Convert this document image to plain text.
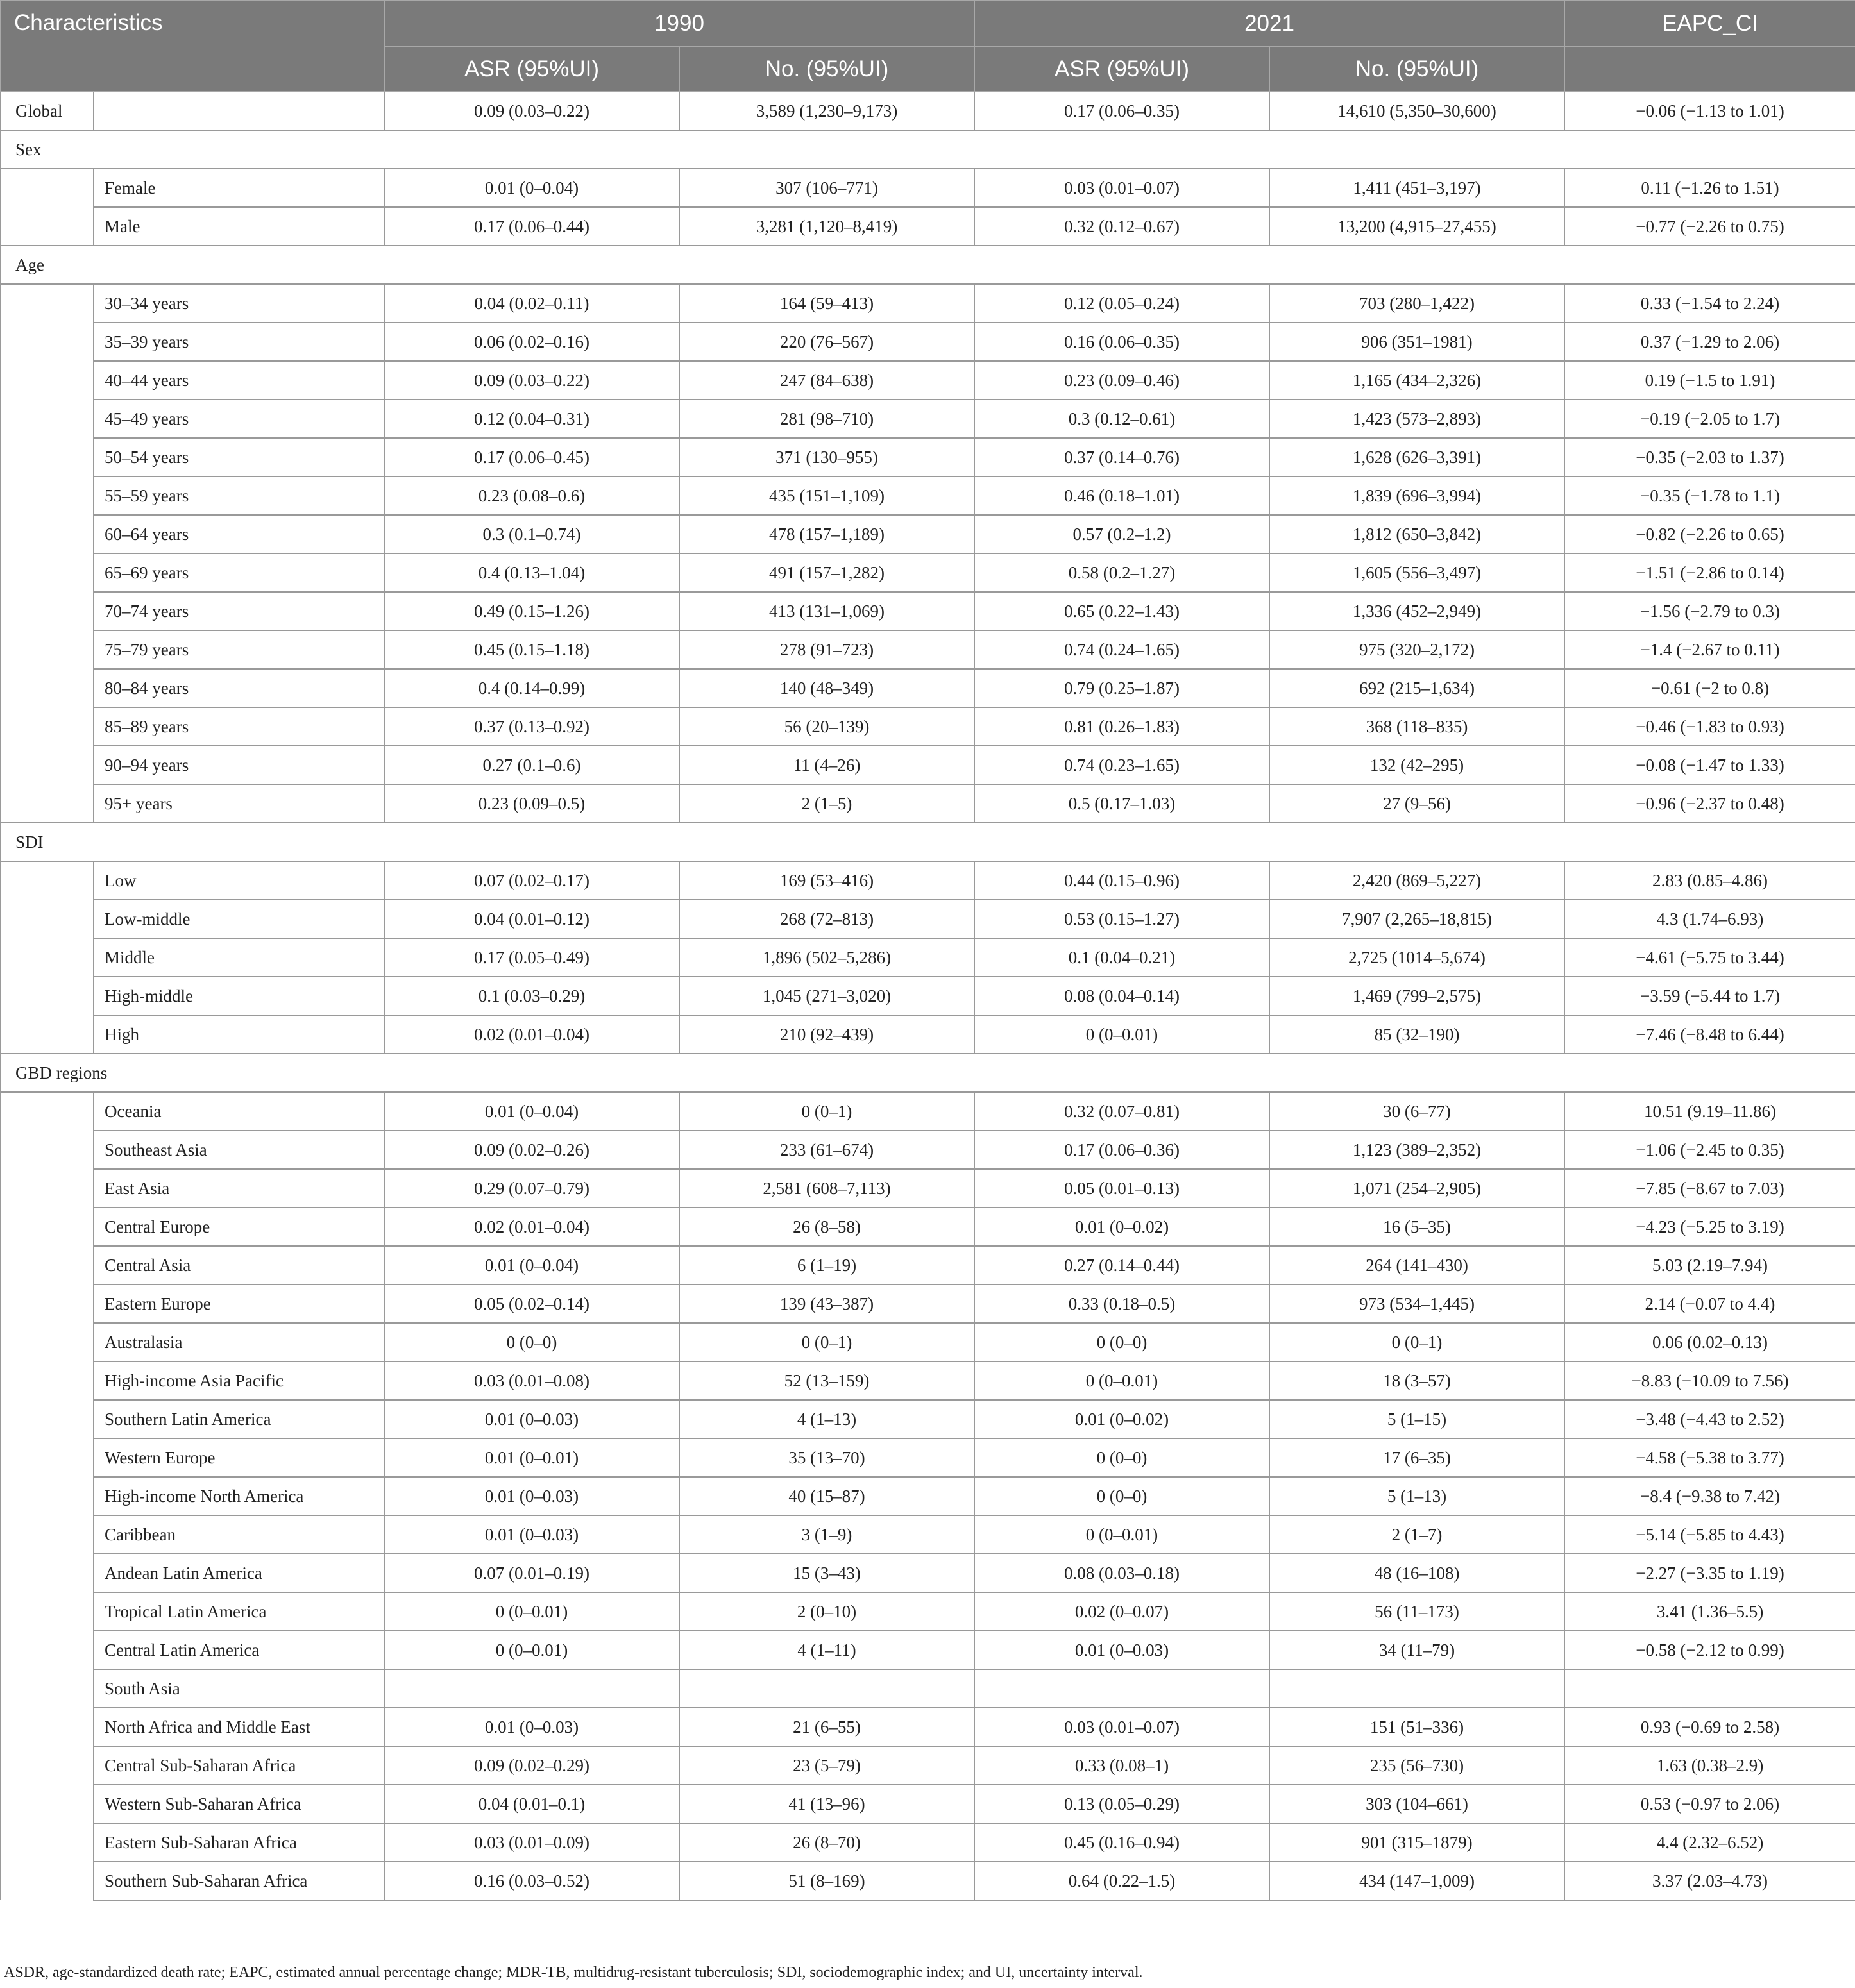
Characteristics		1990		2021		EAPC_CI
		ASR (95%UI)	No. (95%UI)	ASR (95%UI)	No. (95%UI)	
Global		0.09 (0.03–0.22)	3,589 (1,230–9,173)	0.17 (0.06–0.35)	14,610 (5,350–30,600)	−0.06 (−1.13 to 1.01)
Sex						
	Female	0.01 (0–0.04)	307 (106–771)	0.03 (0.01–0.07)	1,411 (451–3,197)	0.11 (−1.26 to 1.51)
	Male	0.17 (0.06–0.44)	3,281 (1,120–8,419)	0.32 (0.12–0.67)	13,200 (4,915–27,455)	−0.77 (−2.26 to 0.75)
Age						
	30–34 years	0.04 (0.02–0.11)	164 (59–413)	0.12 (0.05–0.24)	703 (280–1,422)	0.33 (−1.54 to 2.24)
	35–39 years	0.06 (0.02–0.16)	220 (76–567)	0.16 (0.06–0.35)	906 (351–1981)	0.37 (−1.29 to 2.06)
	40–44 years	0.09 (0.03–0.22)	247 (84–638)	0.23 (0.09–0.46)	1,165 (434–2,326)	0.19 (−1.5 to 1.91)
	45–49 years	0.12 (0.04–0.31)	281 (98–710)	0.3 (0.12–0.61)	1,423 (573–2,893)	−0.19 (−2.05 to 1.7)
	50–54 years	0.17 (0.06–0.45)	371 (130–955)	0.37 (0.14–0.76)	1,628 (626–3,391)	−0.35 (−2.03 to 1.37)
	55–59 years	0.23 (0.08–0.6)	435 (151–1,109)	0.46 (0.18–1.01)	1,839 (696–3,994)	−0.35 (−1.78 to 1.1)
	60–64 years	0.3 (0.1–0.74)	478 (157–1,189)	0.57 (0.2–1.2)	1,812 (650–3,842)	−0.82 (−2.26 to 0.65)
	65–69 years	0.4 (0.13–1.04)	491 (157–1,282)	0.58 (0.2–1.27)	1,605 (556–3,497)	−1.51 (−2.86 to 0.14)
	70–74 years	0.49 (0.15–1.26)	413 (131–1,069)	0.65 (0.22–1.43)	1,336 (452–2,949)	−1.56 (−2.79 to 0.3)
	75–79 years	0.45 (0.15–1.18)	278 (91–723)	0.74 (0.24–1.65)	975 (320–2,172)	−1.4 (−2.67 to 0.11)
	80–84 years	0.4 (0.14–0.99)	140 (48–349)	0.79 (0.25–1.87)	692 (215–1,634)	−0.61 (−2 to 0.8)
	85–89 years	0.37 (0.13–0.92)	56 (20–139)	0.81 (0.26–1.83)	368 (118–835)	−0.46 (−1.83 to 0.93)
	90–94 years	0.27 (0.1–0.6)	11 (4–26)	0.74 (0.23–1.65)	132 (42–295)	−0.08 (−1.47 to 1.33)
	95+ years	0.23 (0.09–0.5)	2 (1–5)	0.5 (0.17–1.03)	27 (9–56)	−0.96 (−2.37 to 0.48)
SDI						
	Low	0.07 (0.02–0.17)	169 (53–416)	0.44 (0.15–0.96)	2,420 (869–5,227)	2.83 (0.85–4.86)
	Low-middle	0.04 (0.01–0.12)	268 (72–813)	0.53 (0.15–1.27)	7,907 (2,265–18,815)	4.3 (1.74–6.93)
	Middle	0.17 (0.05–0.49)	1,896 (502–5,286)	0.1 (0.04–0.21)	2,725 (1014–5,674)	−4.61 (−5.75 to 3.44)
	High-middle	0.1 (0.03–0.29)	1,045 (271–3,020)	0.08 (0.04–0.14)	1,469 (799–2,575)	−3.59 (−5.44 to 1.7)
	High	0.02 (0.01–0.04)	210 (92–439)	0 (0–0.01)	85 (32–190)	−7.46 (−8.48 to 6.44)
GBD regions						
	Oceania	0.01 (0–0.04)	0 (0–1)	0.32 (0.07–0.81)	30 (6–77)	10.51 (9.19–11.86)
	Southeast Asia	0.09 (0.02–0.26)	233 (61–674)	0.17 (0.06–0.36)	1,123 (389–2,352)	−1.06 (−2.45 to 0.35)
	East Asia	0.29 (0.07–0.79)	2,581 (608–7,113)	0.05 (0.01–0.13)	1,071 (254–2,905)	−7.85 (−8.67 to 7.03)
	Central Europe	0.02 (0.01–0.04)	26 (8–58)	0.01 (0–0.02)	16 (5–35)	−4.23 (−5.25 to 3.19)
	Central Asia	0.01 (0–0.04)	6 (1–19)	0.27 (0.14–0.44)	264 (141–430)	5.03 (2.19–7.94)
	Eastern Europe	0.05 (0.02–0.14)	139 (43–387)	0.33 (0.18–0.5)	973 (534–1,445)	2.14 (−0.07 to 4.4)
	Australasia	0 (0–0)	0 (0–1)	0 (0–0)	0 (0–1)	0.06 (0.02–0.13)
	High-income Asia Pacific	0.03 (0.01–0.08)	52 (13–159)	0 (0–0.01)	18 (3–57)	−8.83 (−10.09 to 7.56)
	Southern Latin America	0.01 (0–0.03)	4 (1–13)	0.01 (0–0.02)	5 (1–15)	−3.48 (−4.43 to 2.52)
	Western Europe	0.01 (0–0.01)	35 (13–70)	0 (0–0)	17 (6–35)	−4.58 (−5.38 to 3.77)
	High-income North America	0.01 (0–0.03)	40 (15–87)	0 (0–0)	5 (1–13)	−8.4 (−9.38 to 7.42)
	Caribbean	0.01 (0–0.03)	3 (1–9)	0 (0–0.01)	2 (1–7)	−5.14 (−5.85 to 4.43)
	Andean Latin America	0.07 (0.01–0.19)	15 (3–43)	0.08 (0.03–0.18)	48 (16–108)	−2.27 (−3.35 to 1.19)
	Tropical Latin America	0 (0–0.01)	2 (0–10)	0.02 (0–0.07)	56 (11–173)	3.41 (1.36–5.5)
	Central Latin America	0 (0–0.01)	4 (1–11)	0.01 (0–0.03)	34 (11–79)	−0.58 (−2.12 to 0.99)
	South Asia					
	North Africa and Middle East	0.01 (0–0.03)	21 (6–55)	0.03 (0.01–0.07)	151 (51–336)	0.93 (−0.69 to 2.58)
	Central Sub-Saharan Africa	0.09 (0.02–0.29)	23 (5–79)	0.33 (0.08–1)	235 (56–730)	1.63 (0.38–2.9)
	Western Sub-Saharan Africa	0.04 (0.01–0.1)	41 (13–96)	0.13 (0.05–0.29)	303 (104–661)	0.53 (−0.97 to 2.06)
	Eastern Sub-Saharan Africa	0.03 (0.01–0.09)	26 (8–70)	0.45 (0.16–0.94)	901 (315–1879)	4.4 (2.32–6.52)
	Southern Sub-Saharan Africa	0.16 (0.03–0.52)	51 (8–169)	0.64 (0.22–1.5)	434 (147–1,009)	3.37 (2.03–4.73)
ASDR, age-standardized death rate; EAPC, estimated annual percentage change; MDR-TB, multidrug-resistant tuberculosis; SDI, sociodemographic index; and UI, uncertainty interval.
